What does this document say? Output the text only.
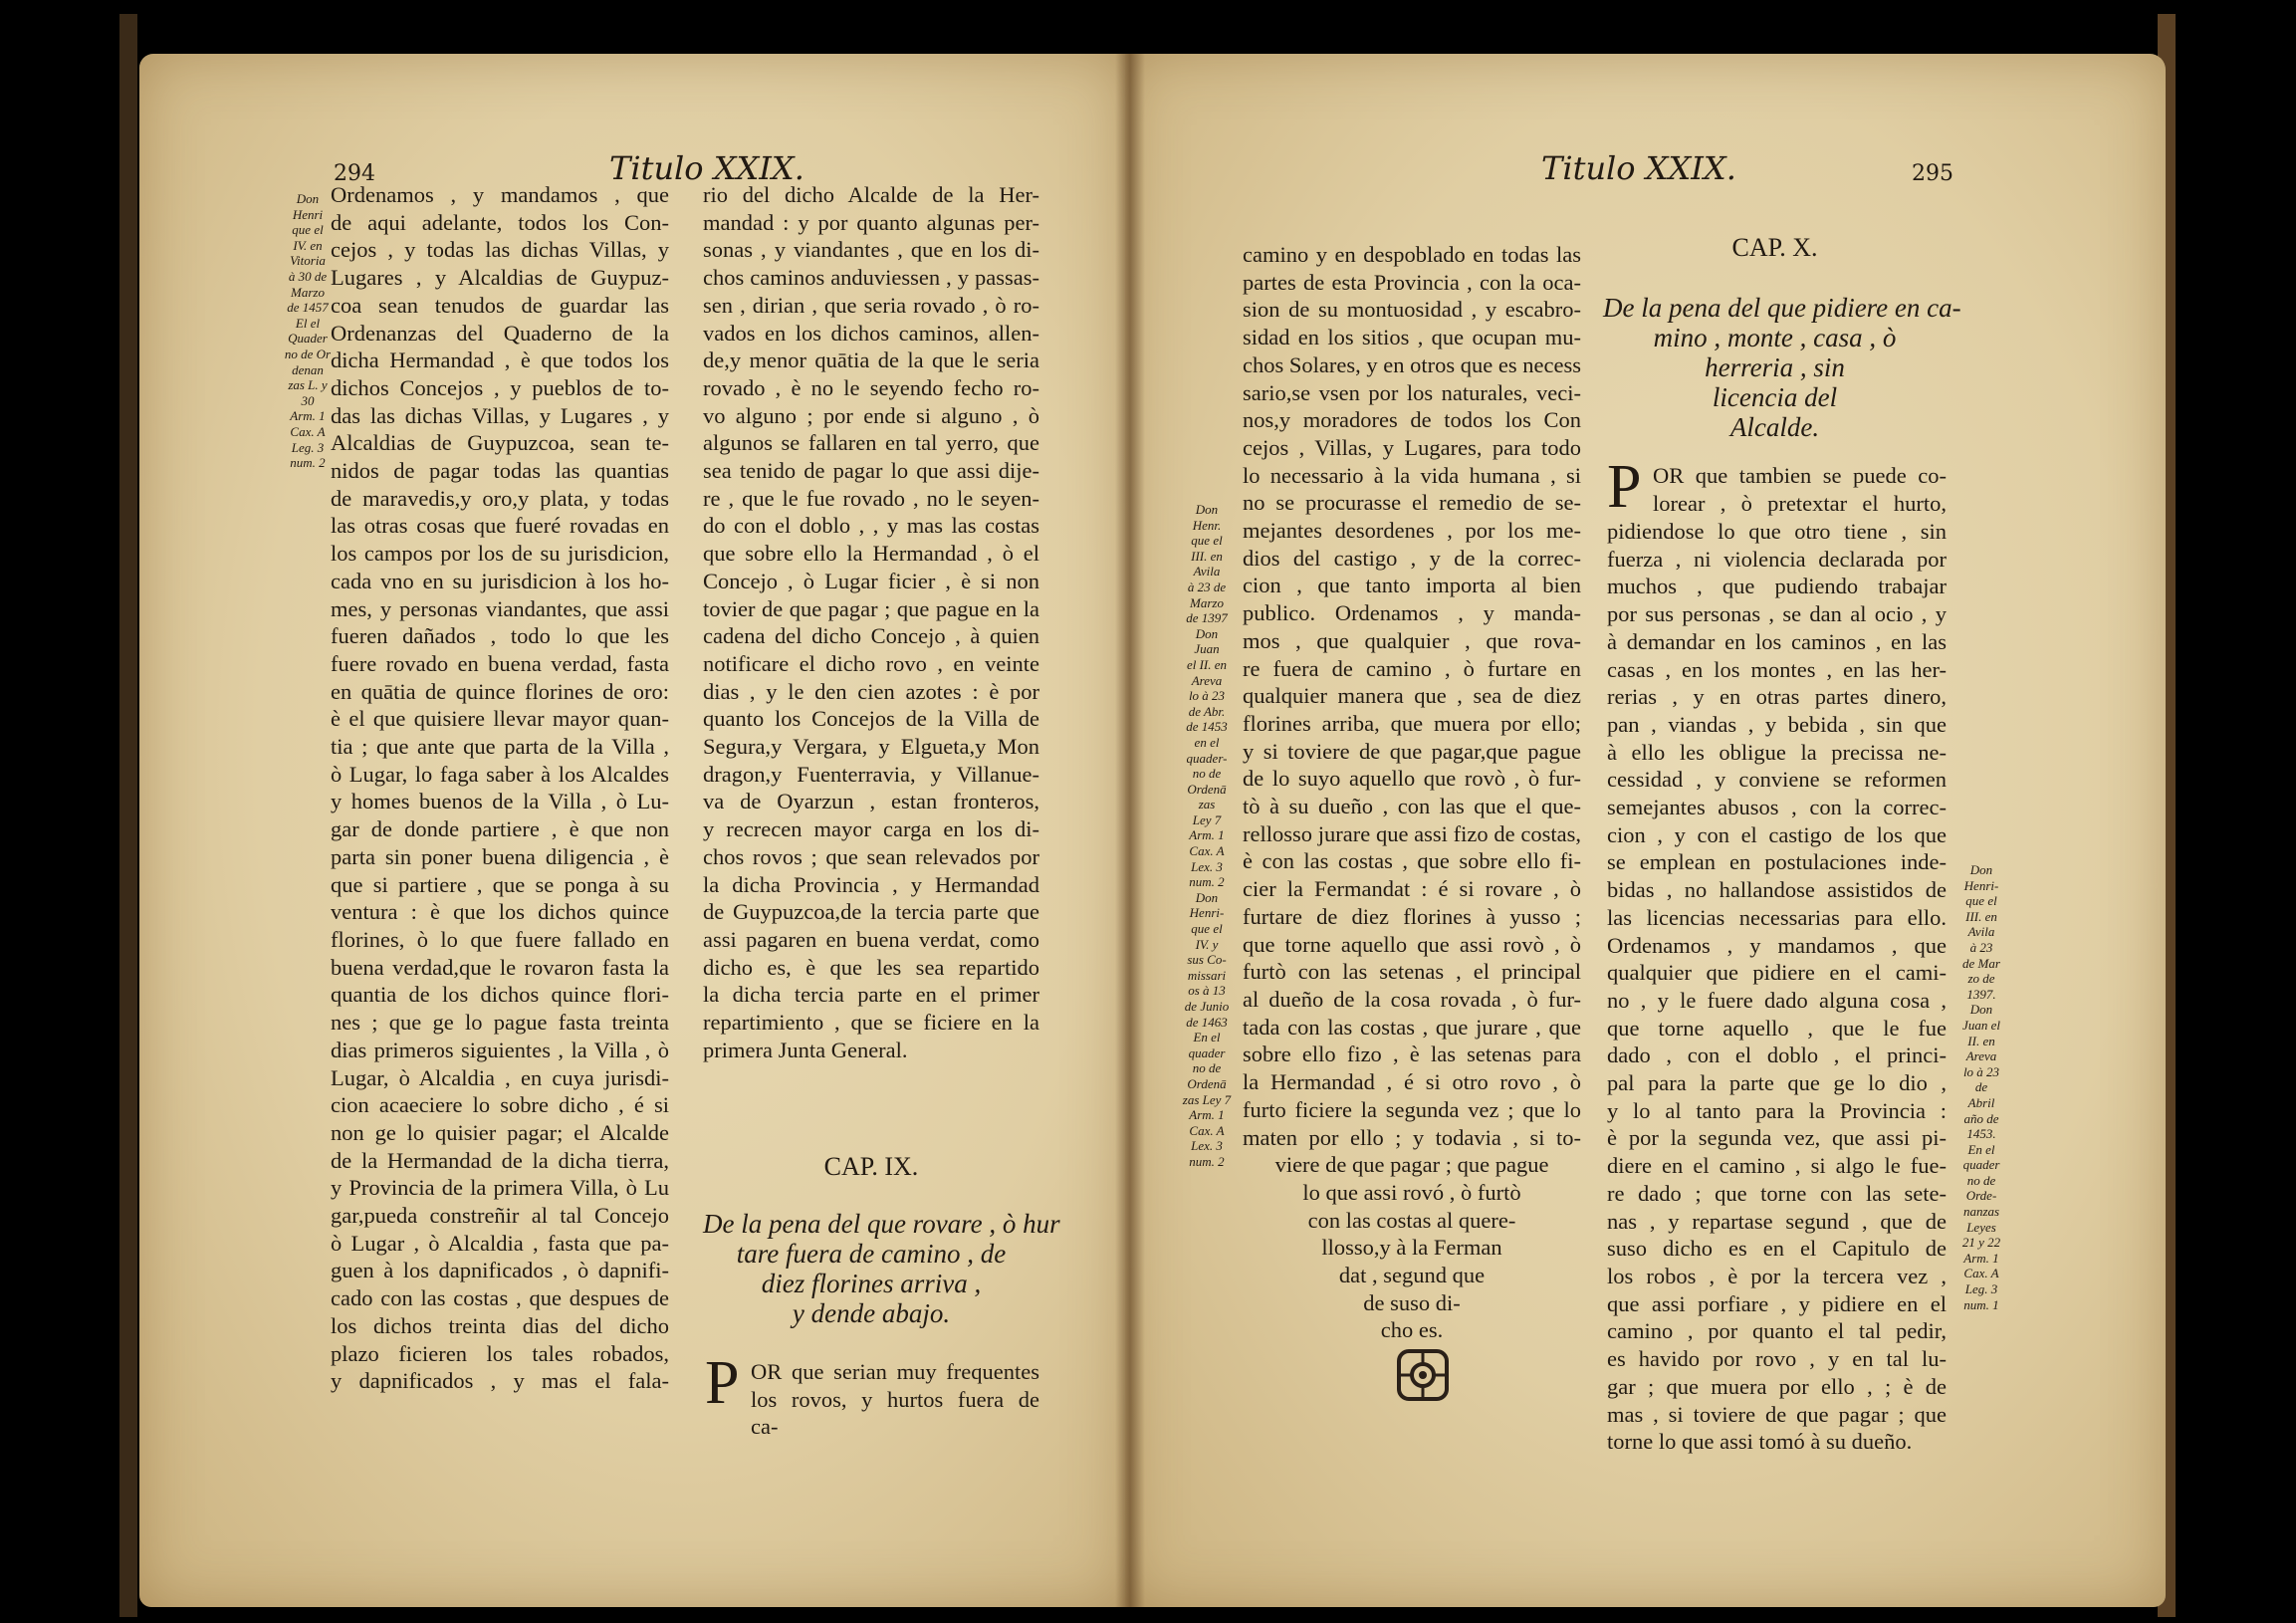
294	Titulo XXIX.
Don
Henri
que el
IV. en
Vitoria
à 30 de
Marzo
de 1457
El el
Quader
no de Or
denan
zas L. y
30
Arm. 1
Cax. A
Leg. 3
num. 2
Ordenamos , y mandamos , que
de aqui adelante, todos los Con-
cejos , y todas las dichas Villas, y
Lugares , y Alcaldias de Guypuz-
coa sean tenudos de guardar las
Ordenanzas del Quaderno de la
dicha Hermandad , è que todos los
dichos Concejos , y pueblos de to-
das las dichas Villas, y Lugares , y
Alcaldias de Guypuzcoa, sean te-
nidos de pagar todas las quantias
de maravedis,y oro,y plata, y todas
las otras cosas que fueré rovadas en
los campos por los de su jurisdicion,
cada vno en su jurisdicion à los ho-
mes, y personas viandantes, que assi
fueren dañados , todo lo que les
fuere rovado en buena verdad, fasta
en quātia de quince florines de oro:
è el que quisiere llevar mayor quan-
tia ; que ante que parta de la Villa ,
ò Lugar, lo faga saber à los Alcaldes
y homes buenos de la Villa , ò Lu-
gar de donde partiere , è que non
parta sin poner buena diligencia , è
que si partiere , que se ponga à su
ventura : è que los dichos quince
florines, ò lo que fuere fallado en
buena verdad,que le rovaron fasta la
quantia de los dichos quince flori-
nes ; que ge lo pague fasta treinta
dias primeros siguientes , la Villa , ò
Lugar, ò Alcaldia , en cuya jurisdi-
cion acaeciere lo sobre dicho , é si
non ge lo quisier pagar; el Alcalde
de la Hermandad de la dicha tierra,
y Provincia de la primera Villa, ò Lu
gar,pueda constreñir al tal Concejo
ò Lugar , ò Alcaldia , fasta que pa-
guen à los dapnificados , ò dapnifi-
cado con las costas , que despues de
los dichos treinta dias del dicho
plazo ficieren los tales robados,
y dapnificados , y mas el fala-
rio del dicho Alcalde de la Her-
mandad : y por quanto algunas per-
sonas , y viandantes , que en los di-
chos caminos anduviessen , y passas-
sen , dirian , que seria rovado , ò ro-
vados en los dichos caminos, allen-
de,y menor quātia de la que le seria
rovado , è no le seyendo fecho ro-
vo alguno ; por ende si alguno , ò
algunos se fallaren en tal yerro, que
sea tenido de pagar lo que assi dije-
re , que le fue rovado , no le seyen-
do con el doblo , , y mas las costas
que sobre ello la Hermandad , ò el
Concejo , ò Lugar ficier , è si non
tovier de que pagar ; que pague en la
cadena del dicho Concejo , à quien
notificare el dicho rovo , en veinte
dias , y le den cien azotes : è por
quanto los Concejos de la Villa de
Segura,y Vergara, y Elgueta,y Mon
dragon,y Fuenterravia, y Villanue-
va de Oyarzun , estan fronteros,
y recrecen mayor carga en los di-
chos rovos ; que sean relevados por
la dicha Provincia , y Hermandad
de Guypuzcoa,de la tercia parte que
assi pagaren en buena verdat, como
dicho es, è que les sea repartido
la dicha tercia parte en el primer
repartimiento , que se ficiere en la
primera Junta General.
CAP. IX.
De la pena del que rovare , ò hur
tare fuera de camino , de
diez florines arriva ,
y dende abajo.
P OR que serian muy frequentes
los rovos, y hurtos fuera de
ca-
Titulo XXIX.	295
Don
Henr.
que el
III. en
Avila
à 23 de
Marzo
de 1397
Don
Juan
el II. en
Areva
lo à 23
de Abr.
de 1453
en el
quader-
no de
Ordenā
zas
Ley 7
Arm. 1
Cax. A
Lex. 3
num. 2
Don
Henri-
que el
IV. y
sus Co-
missari
os à 13
de Junio
de 1463
En el
quader
no de
Ordenā
zas Ley 7
Arm. 1
Cax. A
Lex. 3
num. 2
camino y en despoblado en todas las
partes de esta Provincia , con la oca-
sion de su montuosidad , y escabro-
sidad en los sitios , que ocupan mu-
chos Solares, y en otros que es necess
sario,se vsen por los naturales, veci-
nos,y moradores de todos los Con
cejos , Villas, y Lugares, para todo
lo necessario à la vida humana , si
no se procurasse el remedio de se-
mejantes desordenes , por los me-
dios del castigo , y de la correc-
cion , que tanto importa al bien
publico. Ordenamos , y manda-
mos , que qualquier , que rova-
re fuera de camino , ò furtare en
qualquier manera que , sea de diez
florines arriba, que muera por ello;
y si toviere de que pagar,que pague
de lo suyo aquello que rovò , ò fur-
tò à su dueño , con las que el que-
rellosso jurare que assi fizo de costas,
è con las costas , que sobre ello fi-
cier la Fermandat : é si rovare , ò
furtare de diez florines à yusso ;
que torne aquello que assi rovò , ò
furtò con las setenas , el principal
al dueño de la cosa rovada , ò fur-
tada con las costas , que jurare , que
sobre ello fizo , è las setenas para
la Hermandad , é si otro rovo , ò
furto ficiere la segunda vez ; que lo
maten por ello ; y todavia , si to-
viere de que pagar ; que pague
lo que assi rovó , ò furtò
con las costas al quere-
llosso,y à la Ferman
dat , segund que
de suso di-
cho es.
CAP. X.
De la pena del que pidiere en ca-
mino , monte , casa , ò
herreria , sin
licencia del
Alcalde.
P OR que tambien se puede co-
lorear , ò pretextar el hurto,
pidiendose lo que otro tiene , sin
fuerza , ni violencia declarada por
muchos , que pudiendo trabajar
por sus personas , se dan al ocio , y
à demandar en los caminos , en las
casas , en los montes , en las her-
rerias , y en otras partes dinero,
pan , viandas , y bebida , sin que
à ello les obligue la precissa ne-
cessidad , y conviene se reformen
semejantes abusos , con la correc-
cion , y con el castigo de los que
se emplean en postulaciones inde-
bidas , no hallandose assistidos de
las licencias necessarias para ello.
Ordenamos , y mandamos , que
qualquier que pidiere en el cami-
no , y le fuere dado alguna cosa ,
que torne aquello , que le fue
dado , con el doblo , el princi-
pal para la parte que ge lo dio ,
y lo al tanto para la Provincia :
è por la segunda vez, que assi pi-
diere en el camino , si algo le fue-
re dado ; que torne con las sete-
nas , y repartase segund , que de
suso dicho es en el Capitulo de
los robos , è por la tercera vez ,
que assi porfiare , y pidiere en el
camino , por quanto el tal pedir,
es havido por rovo , y en tal lu-
gar ; que muera por ello , ; è de
mas , si toviere de que pagar ; que
torne lo que assi tomó à su dueño.
Don
Henri-
que el
III. en
Avila
à 23
de Mar
zo de
1397.
Don
Juan el
II. en
Areva
lo à 23
de
Abril
año de
1453.
En el
quader
no de
Orde-
nanzas
Leyes
21 y 22
Arm. 1
Cax. A
Leg. 3
num. 1
